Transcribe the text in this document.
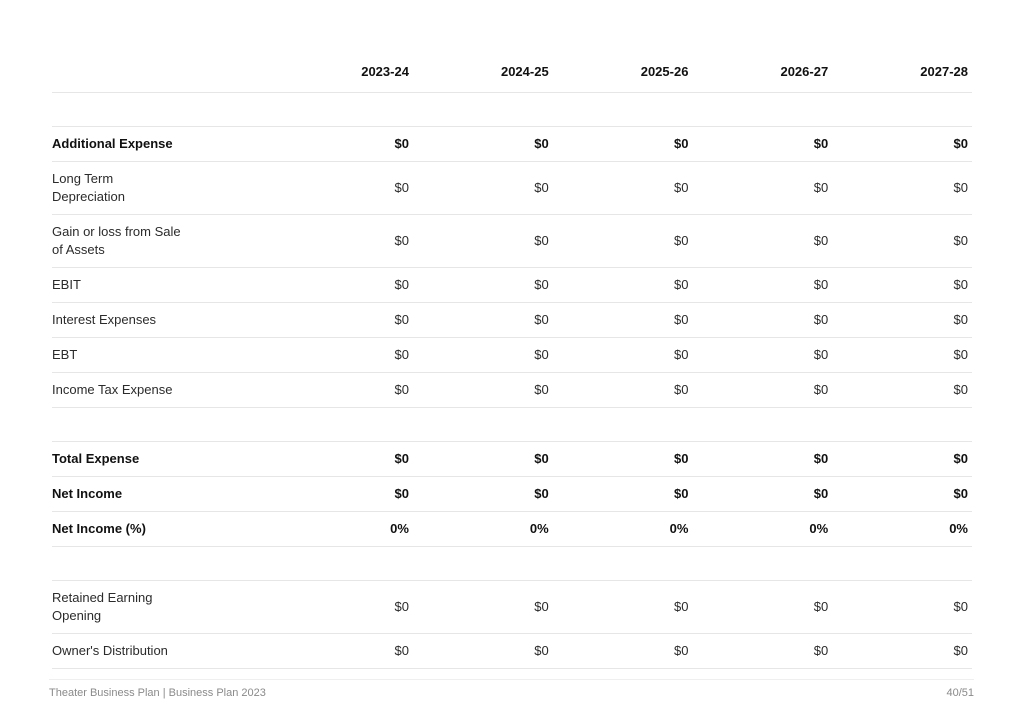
	2023-24	2024-25	2025-26	2026-27	2027-28

Additional Expense	$0	$0	$0	$0	$0
Long Term
Depreciation	$0	$0	$0	$0	$0
Gain or loss from Sale
of Assets	$0	$0	$0	$0	$0
EBIT	$0	$0	$0	$0	$0
Interest Expenses	$0	$0	$0	$0	$0
EBT	$0	$0	$0	$0	$0
Income Tax Expense	$0	$0	$0	$0	$0

Total Expense	$0	$0	$0	$0	$0
Net Income	$0	$0	$0	$0	$0
Net Income (%)	0%	0%	0%	0%	0%

Retained Earning
Opening	$0	$0	$0	$0	$0
Owner's Distribution	$0	$0	$0	$0	$0
Theater Business Plan | Business Plan 2023	40/51
